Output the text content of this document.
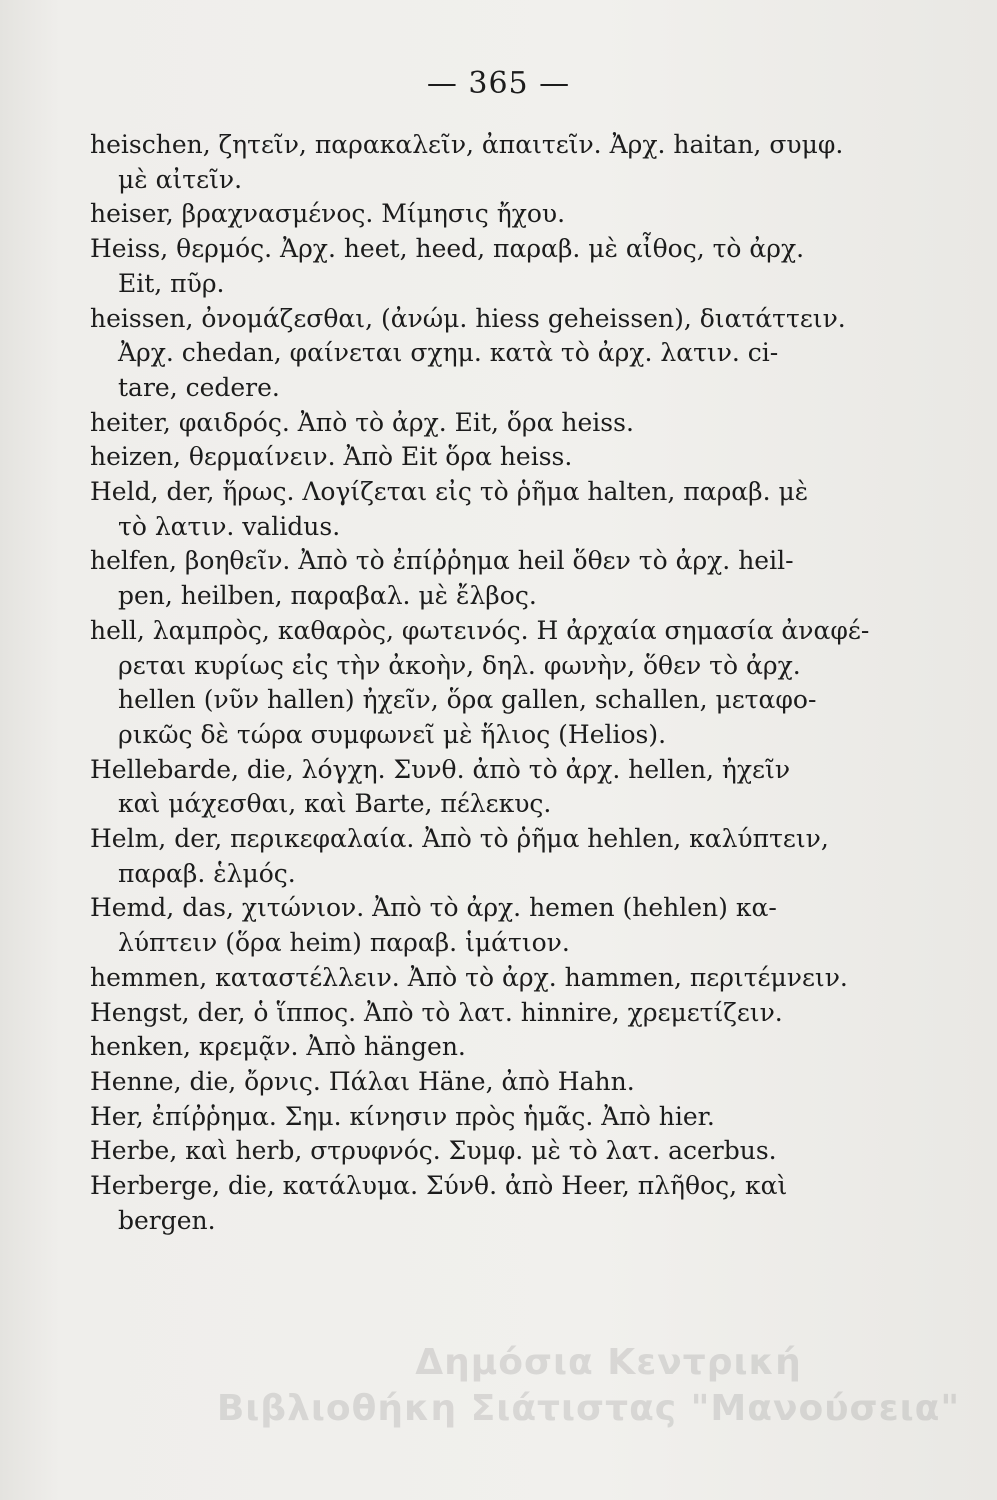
— 365 —
heischen, ζητεῖν, παρακαλεῖν, ἀπαιτεῖν. Ἀρχ. haitan, συμφ.
μὲ αἰτεῖν.
heiser, βραχνασμένος. Μίμησις ἤχου.
Heiss, θερμός. Ἀρχ. heet, heed, παραβ. μὲ αἶθος, τὸ ἀρχ.
Eit, πῦρ.
heissen, ὀνομάζεσθαι, (ἀνώμ. hiess geheissen), διατάττειν.
Ἀρχ. chedan, φαίνεται σχημ. κατὰ τὸ ἀρχ. λατιν. ci-
tare, cedere.
heiter, φαιδρός. Ἀπὸ τὸ ἀρχ. Eit, ὅρα heiss.
heizen, θερμαίνειν. Ἀπὸ Eit ὅρα heiss.
Held, der, ἥρως. Λογίζεται εἰς τὸ ῥῆμα halten, παραβ. μὲ
τὸ λατιν. validus.
helfen, βοηθεῖν. Ἀπὸ τὸ ἐπίῤῥημα heil ὅθεν τὸ ἀρχ. heil-
pen, heilben, παραβαλ. μὲ ἔλβος.
hell, λαμπρὸς, καθαρὸς, φωτεινός. Η ἀρχαία σημασία ἀναφέ-
ρεται κυρίως εἰς τὴν ἀκοὴν, δηλ. φωνὴν, ὅθεν τὸ ἀρχ.
hellen (νῦν hallen) ἠχεῖν, ὅρα gallen, schallen, μεταφο-
ρικῶς δὲ τώρα συμφωνεῖ μὲ ἥλιος (Helios).
Hellebarde, die, λόγχη. Συνθ. ἀπὸ τὸ ἀρχ. hellen, ἠχεῖν
καὶ μάχεσθαι, καὶ Barte, πέλεκυς.
Helm, der, περικεφαλαία. Ἀπὸ τὸ ῥῆμα hehlen, καλύπτειν,
παραβ. ἑλμός.
Hemd, das, χιτώνιον. Ἀπὸ τὸ ἀρχ. hemen (hehlen) κα-
λύπτειν (ὅρα heim) παραβ. ἱμάτιον.
hemmen, καταστέλλειν. Ἀπὸ τὸ ἀρχ. hammen, περιτέμνειν.
Hengst, der, ὁ ἵππος. Ἀπὸ τὸ λατ. hinnire, χρεμετίζειν.
henken, κρεμᾷν. Ἀπὸ hängen.
Henne, die, ὄρνις. Πάλαι Häne, ἀπὸ Hahn.
Her, ἐπίῤῥημα. Σημ. κίνησιν πρὸς ἡμᾶς. Ἀπὸ hier.
Herbe, καὶ herb, στρυφνός. Συμφ. μὲ τὸ λατ. acerbus.
Herberge, die, κατάλυμα. Σύνθ. ἀπὸ Heer, πλῆθος, καὶ
bergen.
Δημόσια Κεντρική
Βιβλιοθήκη Σιάτιστας "Μανούσεια"
